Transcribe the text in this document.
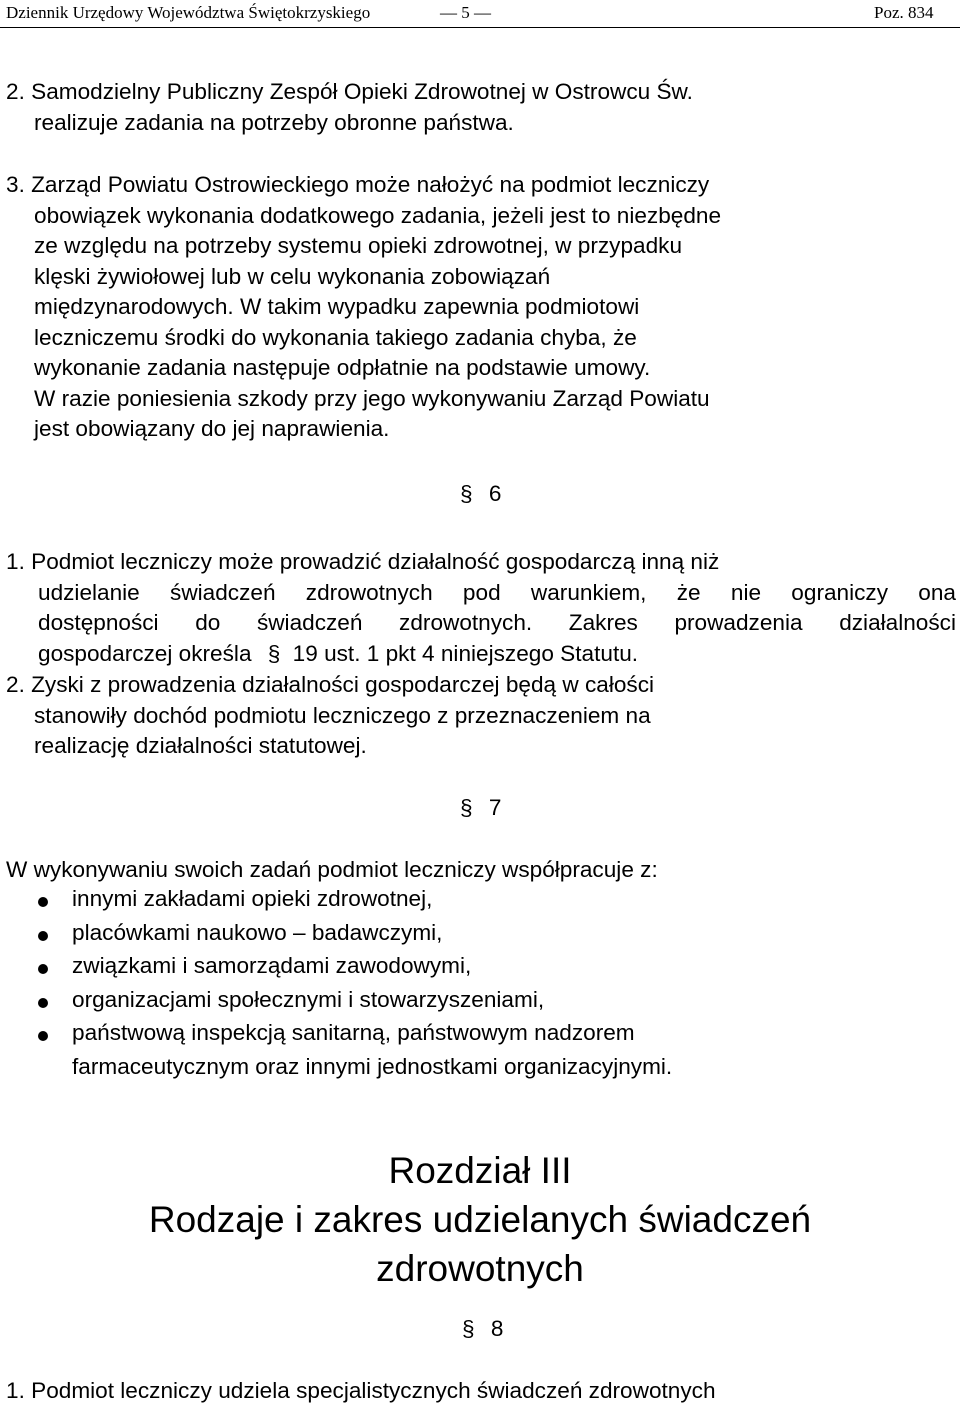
Dziennik Urzędowy Województwa Świętokrzyskiego	— 5 —	Poz. 834
2. Samodzielny Publiczny Zespół Opieki Zdrowotnej w Ostrowcu Św.
realizuje zadania na potrzeby obronne państwa.
3. Zarząd Powiatu Ostrowieckiego może nałożyć na podmiot leczniczy
obowiązek wykonania dodatkowego zadania, jeżeli jest to niezbędne
ze względu na potrzeby systemu opieki zdrowotnej, w przypadku
klęski żywiołowej lub w celu wykonania zobowiązań
międzynarodowych. W takim wypadku zapewnia podmiotowi
leczniczemu środki do wykonania takiego zadania chyba, że
wykonanie zadania następuje odpłatnie na podstawie umowy.
W razie poniesienia szkody przy jego wykonywaniu Zarząd Powiatu
jest obowiązany do jej naprawienia.
§ 6
1. Podmiot leczniczy może prowadzić działalność gospodarczą inną niż
udzielanie świadczeń zdrowotnych pod warunkiem, że nie ograniczy ona
dostępności do świadczeń zdrowotnych. Zakres prowadzenia działalności
gospodarczej określa § 19 ust. 1 pkt 4 niniejszego Statutu.
2. Zyski z prowadzenia działalności gospodarczej będą w całości
stanowiły dochód podmiotu leczniczego z przeznaczeniem na
realizację działalności statutowej.
§ 7
W wykonywaniu swoich zadań podmiot leczniczy współpracuje z:
innymi zakładami opieki zdrowotnej,
placówkami naukowo – badawczymi,
związkami i samorządami zawodowymi,
organizacjami społecznymi i stowarzyszeniami,
państwową inspekcją sanitarną, państwowym nadzorem
farmaceutycznym oraz innymi jednostkami organizacyjnymi.
Rozdział III
Rodzaje i zakres udzielanych świadczeń
zdrowotnych
§ 8
1. Podmiot leczniczy udziela specjalistycznych świadczeń zdrowotnych
